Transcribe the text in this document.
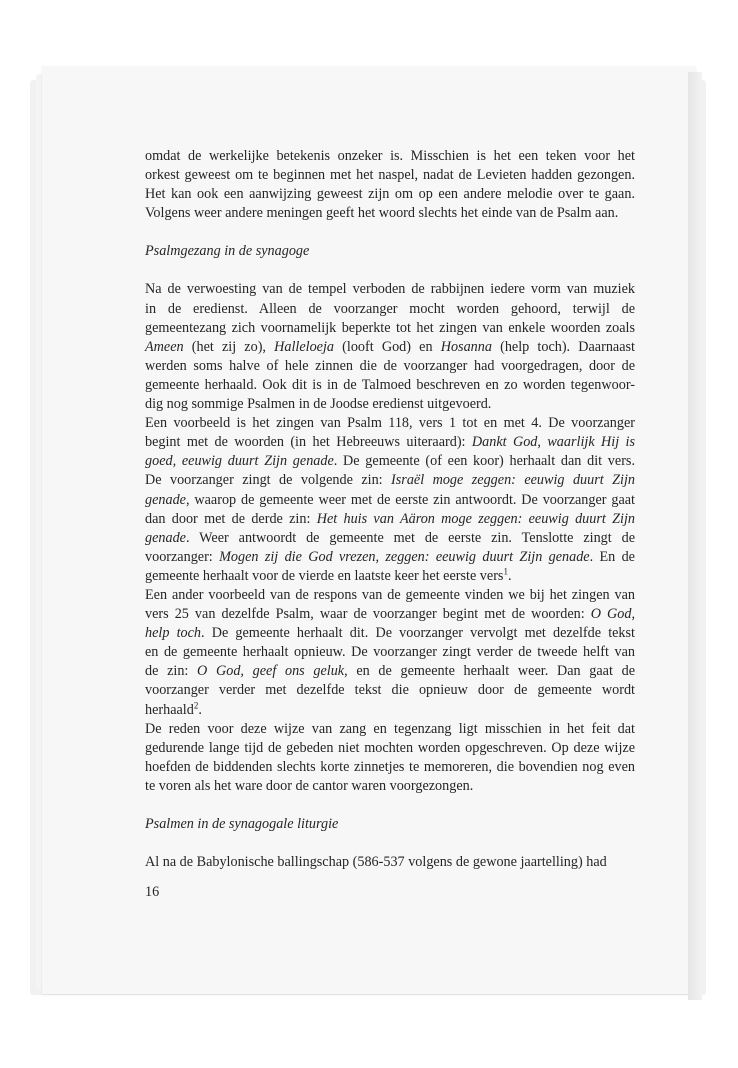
omdat de werkelijke betekenis onzeker is. Misschien is het een teken voor het
orkest geweest om te beginnen met het naspel, nadat de Levieten hadden gezongen.
Het kan ook een aanwijzing geweest zijn om op een andere melodie over te gaan.
Volgens weer andere meningen geeft het woord slechts het einde van de Psalm aan.

Psalmgezang in de synagoge

Na de verwoesting van de tempel verboden de rabbijnen iedere vorm van muziek
in de eredienst. Alleen de voorzanger mocht worden gehoord, terwijl de
gemeentezang zich voornamelijk beperkte tot het zingen van enkele woorden zoals
Ameen (het zij zo), Halleloeja (looft God) en Hosanna (help toch). Daarnaast
werden soms halve of hele zinnen die de voorzanger had voorgedragen, door de
gemeente herhaald. Ook dit is in de Talmoed beschreven en zo worden tegenwoor-
dig nog sommige Psalmen in de Joodse eredienst uitgevoerd.

Een voorbeeld is het zingen van Psalm 118, vers 1 tot en met 4. De voorzanger
begint met de woorden (in het Hebreeuws uiteraard): Dankt God, waarlijk Hij is
goed, eeuwig duurt Zijn genade. De gemeente (of een koor) herhaalt dan dit vers.
De voorzanger zingt de volgende zin: Israël moge zeggen: eeuwig duurt Zijn
genade, waarop de gemeente weer met de eerste zin antwoordt. De voorzanger gaat
dan door met de derde zin: Het huis van Aäron moge zeggen: eeuwig duurt Zijn
genade. Weer antwoordt de gemeente met de eerste zin. Tenslotte zingt de
voorzanger: Mogen zij die God vrezen, zeggen: eeuwig duurt Zijn genade. En de
gemeente herhaalt voor de vierde en laatste keer het eerste vers$^1$.

Een ander voorbeeld van de respons van de gemeente vinden we bij het zingen van
vers 25 van dezelfde Psalm, waar de voorzanger begint met de woorden: O God,
help toch. De gemeente herhaalt dit. De voorzanger vervolgt met dezelfde tekst
en de gemeente herhaalt opnieuw. De voorzanger zingt verder de tweede helft van
de zin: O God, geef ons geluk, en de gemeente herhaalt weer. Dan gaat de
voorzanger verder met dezelfde tekst die opnieuw door de gemeente wordt
herhaald$^2$.

De reden voor deze wijze van zang en tegenzang ligt misschien in het feit dat
gedurende lange tijd de gebeden niet mochten worden opgeschreven. Op deze wijze
hoefden de biddenden slechts korte zinnetjes te memoreren, die bovendien nog even
te voren als het ware door de cantor waren voorgezongen.

Psalmen in de synagogale liturgie

Al na de Babylonische ballingschap (586-537 volgens de gewone jaartelling) had

16
